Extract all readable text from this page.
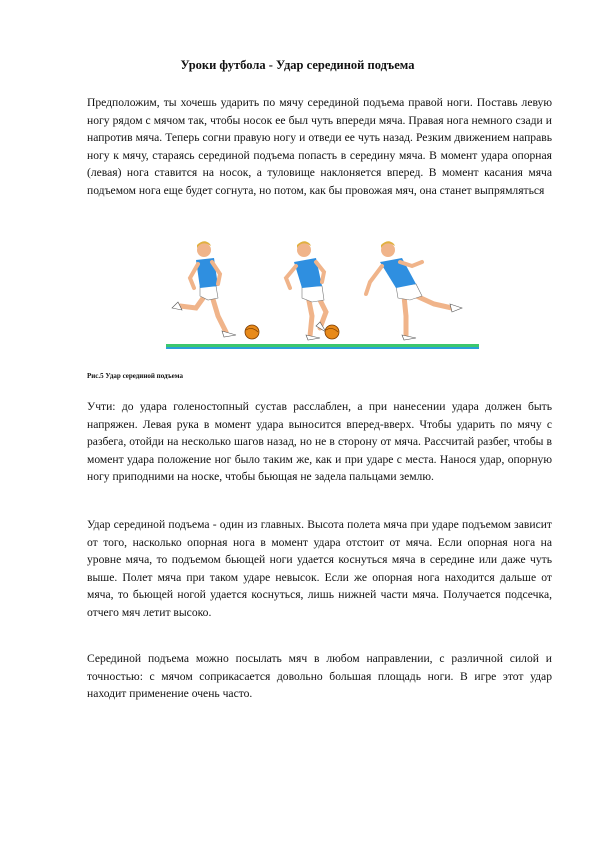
Уроки футбола - Удар серединой подъема

Предположим, ты хочешь ударить по мячу серединой подъема правой ноги. Поставь левую ногу рядом с мячом так, чтобы носок ее был чуть впереди мяча. Правая нога немного сзади и напротив мяча. Теперь согни правую ногу и отведи ее чуть назад. Резким движением направь ногу к мячу, стараясь серединой подъема попасть в середину мяча. В момент удара опорная (левая) нога ставится на носок, а туловище наклоняется вперед. В момент касания мяча подъемом нога еще будет согнута, но потом, как бы провожая мяч, она станет выпрямляться

Рис.5 Удар серединой подъема

Учти: до удара голеностопный сустав расслаблен, а при нанесении удара должен быть напряжен. Левая рука в момент удара выносится вперед-вверх. Чтобы ударить по мячу с разбега, отойди на несколько шагов назад, но не в сторону от мяча. Рассчитай разбег, чтобы в момент удара положение ног было таким же, как и при ударе с места. Нанося удар, опорную ногу приподними на носке, чтобы бьющая не задела пальцами землю.

Удар серединой подъема - один из главных. Высота полета мяча при ударе подъемом зависит от того, насколько опорная нога в момент удара отстоит от мяча. Если опорная нога на уровне мяча, то подъемом бьющей ноги удается коснуться мяча в середине или даже чуть выше. Полет мяча при таком ударе невысок. Если же опорная нога находится дальше от мяча, то бьющей ногой удается коснуться, лишь нижней части мяча. Получается подсечка, отчего мяч летит высоко.

Серединой подъема можно посылать мяч в любом направлении, с различной силой и точностью: с мячом соприкасается довольно большая площадь ноги. В игре этот удар находит применение очень часто.
